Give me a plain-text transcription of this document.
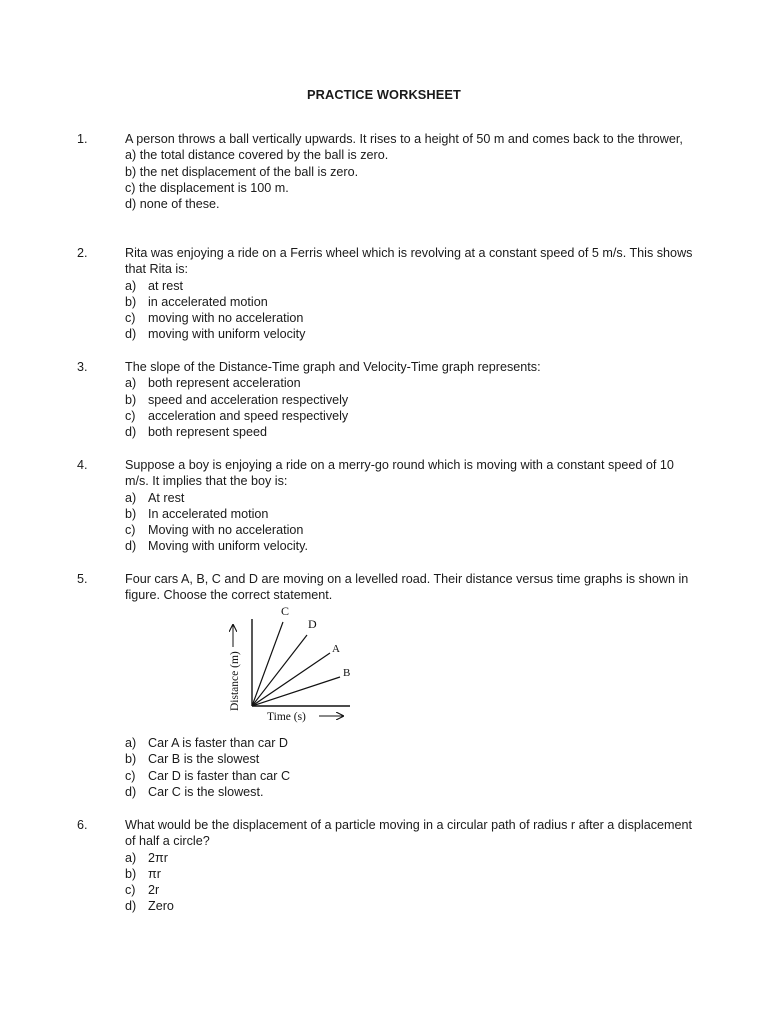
PRACTICE WORKSHEET
1.	A person throws a ball vertically upwards. It rises to a height of 50 m and comes back to the thrower,
a) the total distance covered by the ball is zero.
b) the net displacement of the ball is zero.
c) the displacement is 100 m.
d) none of these.
2.	Rita was enjoying a ride on a Ferris wheel which is revolving at a constant speed of 5 m/s. This shows that Rita is:
a) at rest
b) in accelerated motion
c) moving with no acceleration
d) moving with uniform velocity
3.	The slope of the Distance-Time graph and Velocity-Time graph represents:
a) both represent acceleration
b) speed and acceleration respectively
c) acceleration and speed respectively
d) both represent speed
4.	Suppose a boy is enjoying a ride on a merry-go round which is moving with a constant speed of 10 m/s. It implies that the boy is:
a) At rest
b) In accelerated motion
c) Moving with no acceleration
d) Moving with uniform velocity.
5.	Four cars A, B, C and D are moving on a levelled road. Their distance versus time graphs is shown in figure. Choose the correct statement.
C
D
A
B
Distance (m)
Time (s)
a) Car A is faster than car D
b) Car B is the slowest
c) Car D is faster than car C
d) Car C is the slowest.
6.	What would be the displacement of a particle moving in a circular path of radius r after a displacement of half a circle?
a) 2πr
b) πr
c) 2r
d) Zero
